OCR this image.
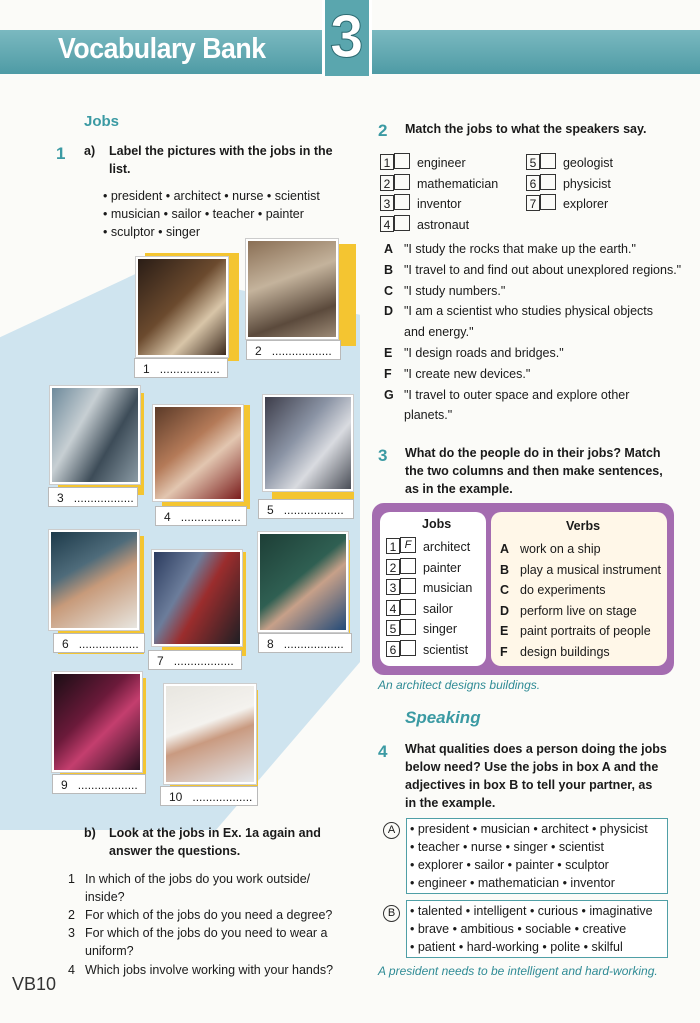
Vocabulary Bank 3
Jobs
1 a) Label the pictures with the jobs in the
list.
• president • architect • nurse • scientist
• musician • sailor • teacher • painter
• sculptor • singer
1 ..................
2 ..................
3 ..................
4 ..................	5 ..................
6 ..................
7 ..................
8 ..................
9 ..................
10 ..................
b) Look at the jobs in Ex. 1a again and
answer the questions.
1 In which of the jobs do you work outside/
inside?
2 For which of the jobs do you need a degree?
3 For which of the jobs do you need to wear a
uniform?
4 Which jobs involve working with your hands?
VB10
2 Match the jobs to what the speakers say.
1 engineer
2 mathematician
3 inventor
4 astronaut
5 geologist
6 physicist
7 explorer
A "I study the rocks that make up the earth."
B "I travel to and find out about unexplored regions."
C "I study numbers."
D "I am a scientist who studies physical objects
and energy."
E "I design roads and bridges."
F "I create new devices."
G "I travel to outer space and explore other
planets."
3 What do the people do in their jobs? Match
the two columns and then make sentences,
as in the example.
Jobs	Verbs
1 F architect
2 painter
3 musician
4 sailor
5 singer
6 scientist
A work on a ship
B play a musical instrument
C do experiments
D perform live on stage
E paint portraits of people
F design buildings
An architect designs buildings.
Speaking
4 What qualities does a person doing the jobs
below need? Use the jobs in box A and the
adjectives in box B to tell your partner, as
in the example.
A	• president • musician • architect • physicist
• teacher • nurse • singer • scientist
• explorer • sailor • painter • sculptor
• engineer • mathematician • inventor
B	• talented • intelligent • curious • imaginative
• brave • ambitious • sociable • creative
• patient • hard-working • polite • skilful
A president needs to be intelligent and hard-working.
